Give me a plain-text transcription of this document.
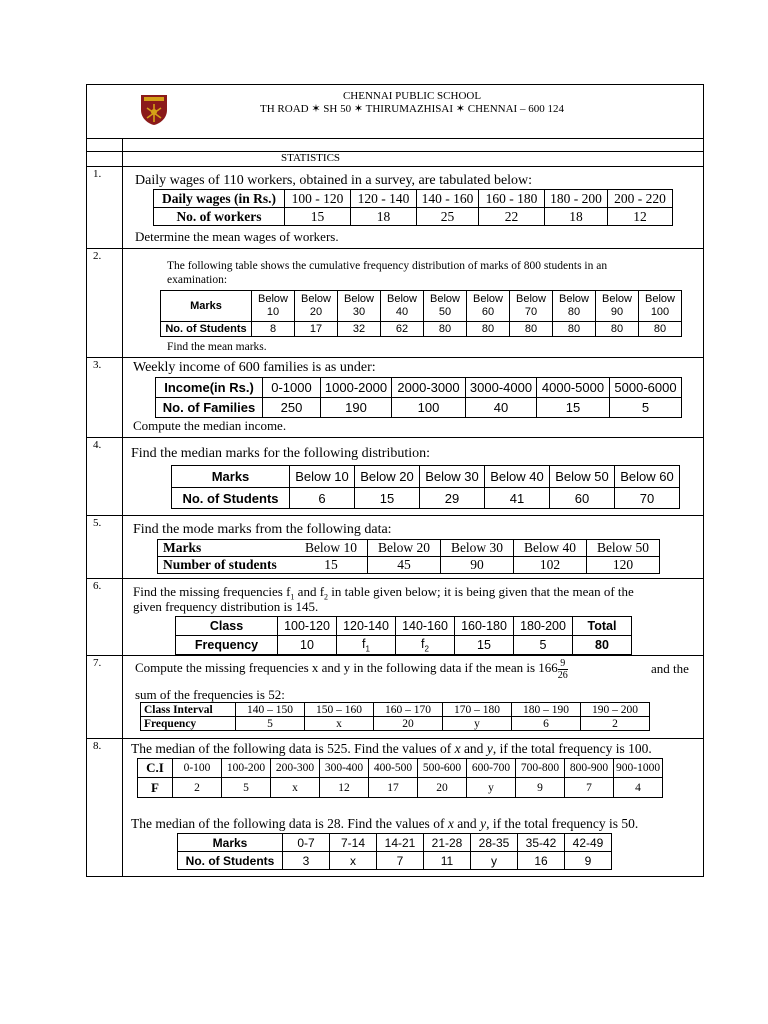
CHENNAI PUBLIC SCHOOL
TH ROAD ✶ SH 50 ✶ THIRUMAZHISAI ✶ CHENNAI – 600 124
STATISTICS
1. Daily wages of 110 workers, obtained in a survey, are tabulated below:
Daily wages (in Rs.)	100 - 120	120 - 140	140 - 160	160 - 180	180 - 200	200 - 220
No. of workers	15	18	25	22	18	12
Determine the mean wages of workers.
2.
The following table shows the cumulative frequency distribution of marks of 800 students in an
examination:
Marks	Below 10	Below 20	Below 30	Below 40	Below 50	Below 60	Below 70	Below 80	Below 90	Below 100
No. of Students	8	17	32	62	80	80	80	80	80	80
Find the mean marks.
3. Weekly income of 600 families is as under:
Income(in Rs.)	0-1000	1000-2000	2000-3000	3000-4000	4000-5000	5000-6000
No. of Families	250	190	100	40	15	5
Compute the median income.
4.
Find the median marks for the following distribution:
Marks	Below 10	Below 20	Below 30	Below 40	Below 50	Below 60
No. of Students	6	15	29	41	60	70
5. Find the mode marks from the following data:
Marks	Below 10	Below 20	Below 30	Below 40	Below 50
Number of students	15	45	90	102	120
6. Find the missing frequencies $f_1$ and $f_2$ in table given below; it is being given that the mean of the
given frequency distribution is 145.
Class	100-120	120-140	140-160	160-180	180-200	Total
Frequency	10	$f_1$	$f_2$	15	5	80
7.	Compute the missing frequencies x and y in the following data if the mean is $166 \frac{9}{26}$	and the
sum of the frequencies is 52:
Class Interval	140 – 150	150 – 160	160 – 170	170 – 180	180 – 190	190 – 200
Frequency	5	x	20	y	6	2
8. The median of the following data is 525. Find the values of x and y, if the total frequency is 100.
C.I	0-100	100-200	200-300	300-400	400-500	500-600	600-700	700-800	800-900	900-1000
F	2	5	x	12	17	20	y	9	7	4
The median of the following data is 28. Find the values of x and y, if the total frequency is 50.
Marks	0-7	7-14	14-21	21-28	28-35	35-42	42-49
No. of Students	3	x	7	11	y	16	9
